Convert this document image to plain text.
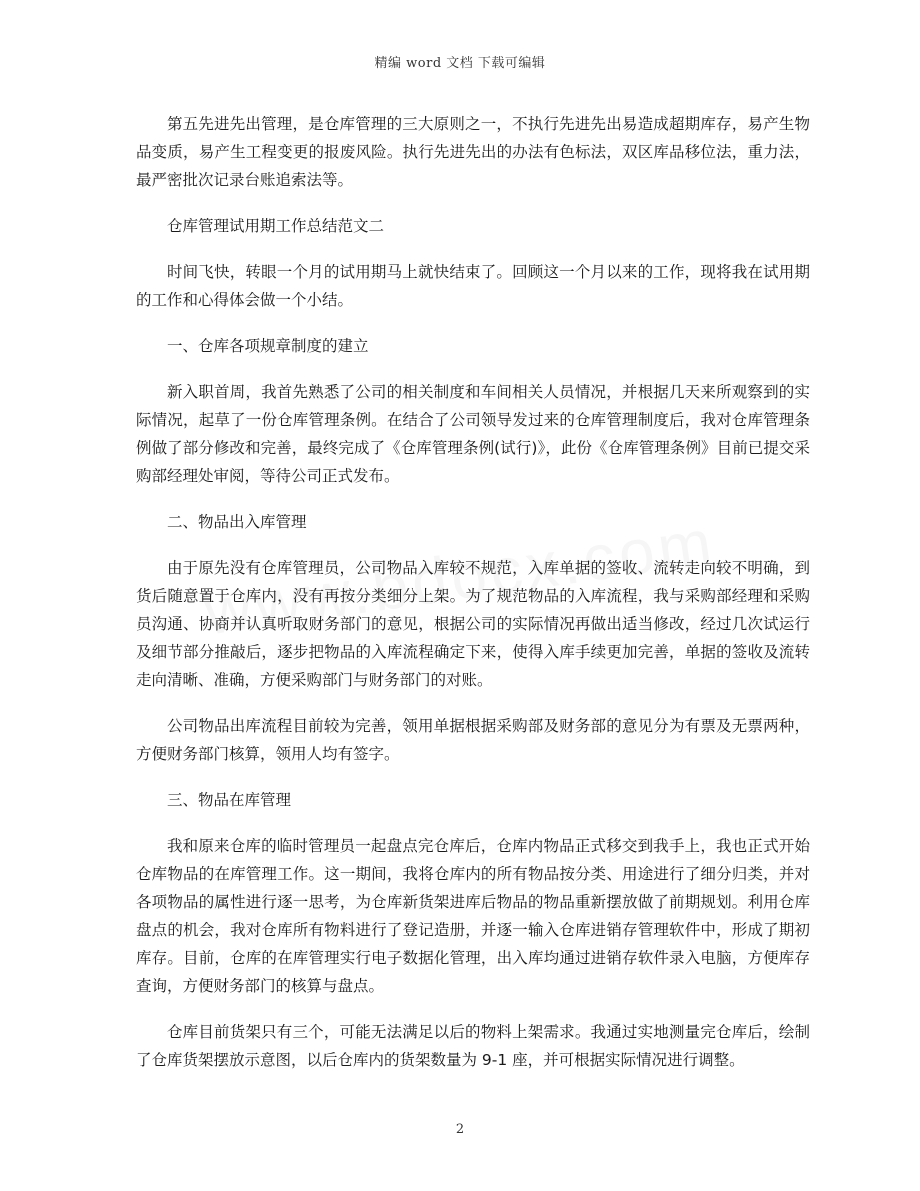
精编 word 文档 下载可编辑

第五先进先出管理，是仓库管理的三大原则之一，不执行先进先出易造成超期库存，易产生物品变质，易产生工程变更的报废风险。执行先进先出的办法有色标法，双区库品移位法，重力法，最严密批次记录台账追索法等。

仓库管理试用期工作总结范文二

时间飞快，转眼一个月的试用期马上就快结束了。回顾这一个月以来的工作，现将我在试用期的工作和心得体会做一个小结。

一、仓库各项规章制度的建立

新入职首周，我首先熟悉了公司的相关制度和车间相关人员情况，并根据几天来所观察到的实际情况，起草了一份仓库管理条例。在结合了公司领导发过来的仓库管理制度后，我对仓库管理条例做了部分修改和完善，最终完成了《仓库管理条例(试行)》，此份《仓库管理条例》目前已提交采购部经理处审阅，等待公司正式发布。

二、物品出入库管理

由于原先没有仓库管理员，公司物品入库较不规范，入库单据的签收、流转走向较不明确，到货后随意置于仓库内，没有再按分类细分上架。为了规范物品的入库流程，我与采购部经理和采购员沟通、协商并认真听取财务部门的意见，根据公司的实际情况再做出适当修改，经过几次试运行及细节部分推敲后，逐步把物品的入库流程确定下来，使得入库手续更加完善，单据的签收及流转走向清晰、准确，方便采购部门与财务部门的对账。

公司物品出库流程目前较为完善，领用单据根据采购部及财务部的意见分为有票及无票两种，方便财务部门核算，领用人均有签字。

三、物品在库管理

我和原来仓库的临时管理员一起盘点完仓库后，仓库内物品正式移交到我手上，我也正式开始仓库物品的在库管理工作。这一期间，我将仓库内的所有物品按分类、用途进行了细分归类，并对各项物品的属性进行逐一思考，为仓库新货架进库后物品的物品重新摆放做了前期规划。利用仓库盘点的机会，我对仓库所有物料进行了登记造册，并逐一输入仓库进销存管理软件中，形成了期初库存。目前，仓库的在库管理实行电子数据化管理，出入库均通过进销存软件录入电脑，方便库存查询，方便财务部门的核算与盘点。

仓库目前货架只有三个，可能无法满足以后的物料上架需求。我通过实地测量完仓库后，绘制了仓库货架摆放示意图，以后仓库内的货架数量为 9-1 座，并可根据实际情况进行调整。

2
